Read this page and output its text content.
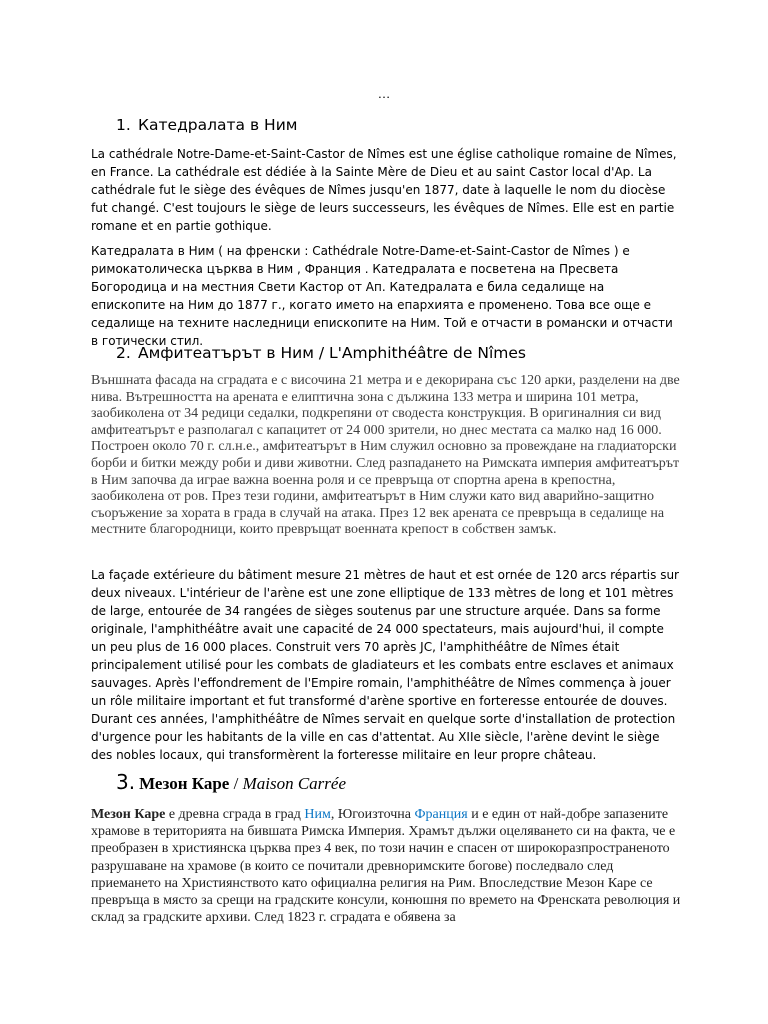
…
1. Катедралата в Ним

La cathédrale Notre-Dame-et-Saint-Castor de Nîmes est une église catholique romaine de Nîmes, en France. La cathédrale est dédiée à la Sainte Mère de Dieu et au saint Castor local d'Ap. La cathédrale fut le siège des évêques de Nîmes jusqu'en 1877, date à laquelle le nom du diocèse fut changé. C'est toujours le siège de leurs successeurs, les évêques de Nîmes. Elle est en partie romane et en partie gothique.

Катедралата в Ним ( на френски : Cathédrale Notre-Dame-et-Saint-Castor de Nîmes ) е римокатолическа църква в Ним , Франция . Катедралата е посветена на Пресвета Богородица и на местния Свети Кастор от Ап. Катедралата е била седалище на епископите на Ним до 1877 г., когато името на епархията е променено. Това все още е седалище на техните наследници епископите на Ним. Той е отчасти в романски и отчасти в готически стил.

2. Амфитеатърът в Ним / L'Amphithéâtre de Nîmes

Външната фасада на сградата е с височина 21 метра и е декорирана със 120 арки, разделени на две нива. Вътрешността на арената е елиптична зона с дължина 133 метра и ширина 101 метра, заобиколена от 34 редици седалки, подкрепяни от сводеста конструкция. В оригиналния си вид амфитеатърът е разполагал с капацитет от 24 000 зрители, но днес местата са малко над 16 000. Построен около 70 г. сл.н.е., амфитеатърът в Ним служил основно за провеждане на гладиаторски борби и битки между роби и диви животни. След разпадането на Римската империя амфитеатърът в Ним започва да играе важна военна роля и се превръща от спортна арена в крепостна, заобиколена от ров. През тези години, амфитеатърът в Ним служи като вид аварийно-защитно съоръжение за хората в града в случай на атака. През 12 век арената се превръща в седалище на местните благородници, които превръщат военната крепост в собствен замък.

La façade extérieure du bâtiment mesure 21 mètres de haut et est ornée de 120 arcs répartis sur deux niveaux. L'intérieur de l'arène est une zone elliptique de 133 mètres de long et 101 mètres de large, entourée de 34 rangées de sièges soutenus par une structure arquée. Dans sa forme originale, l'amphithéâtre avait une capacité de 24 000 spectateurs, mais aujourd'hui, il compte un peu plus de 16 000 places. Construit vers 70 après JC, l'amphithéâtre de Nîmes était principalement utilisé pour les combats de gladiateurs et les combats entre esclaves et animaux sauvages. Après l'effondrement de l'Empire romain, l'amphithéâtre de Nîmes commença à jouer un rôle militaire important et fut transformé d'arène sportive en forteresse entourée de douves. Durant ces années, l'amphithéâtre de Nîmes servait en quelque sorte d'installation de protection d'urgence pour les habitants de la ville en cas d'attentat. Au XIIe siècle, l'arène devint le siège des nobles locaux, qui transformèrent la forteresse militaire en leur propre château.

3. Мезон Каре / Maison Carrée

Мезон Каре е древна сграда в град Ним, Югоизточна Франция и е един от най-добре запазените храмове в територията на бившата Римска Империя. Храмът дължи оцеляването си на факта, че е преобразен в християнска църква през 4 век, по този начин е спасен от широкоразпространеното разрушаване на храмове (в които се почитали древноримските богове) последвало след приемането на Християнството като официална религия на Рим. Впоследствие Мезон Каре се превръща в място за срещи на градските консули, конюшня по времето на Френската революция и склад за градските архиви. След 1823 г. сградата е обявена за
